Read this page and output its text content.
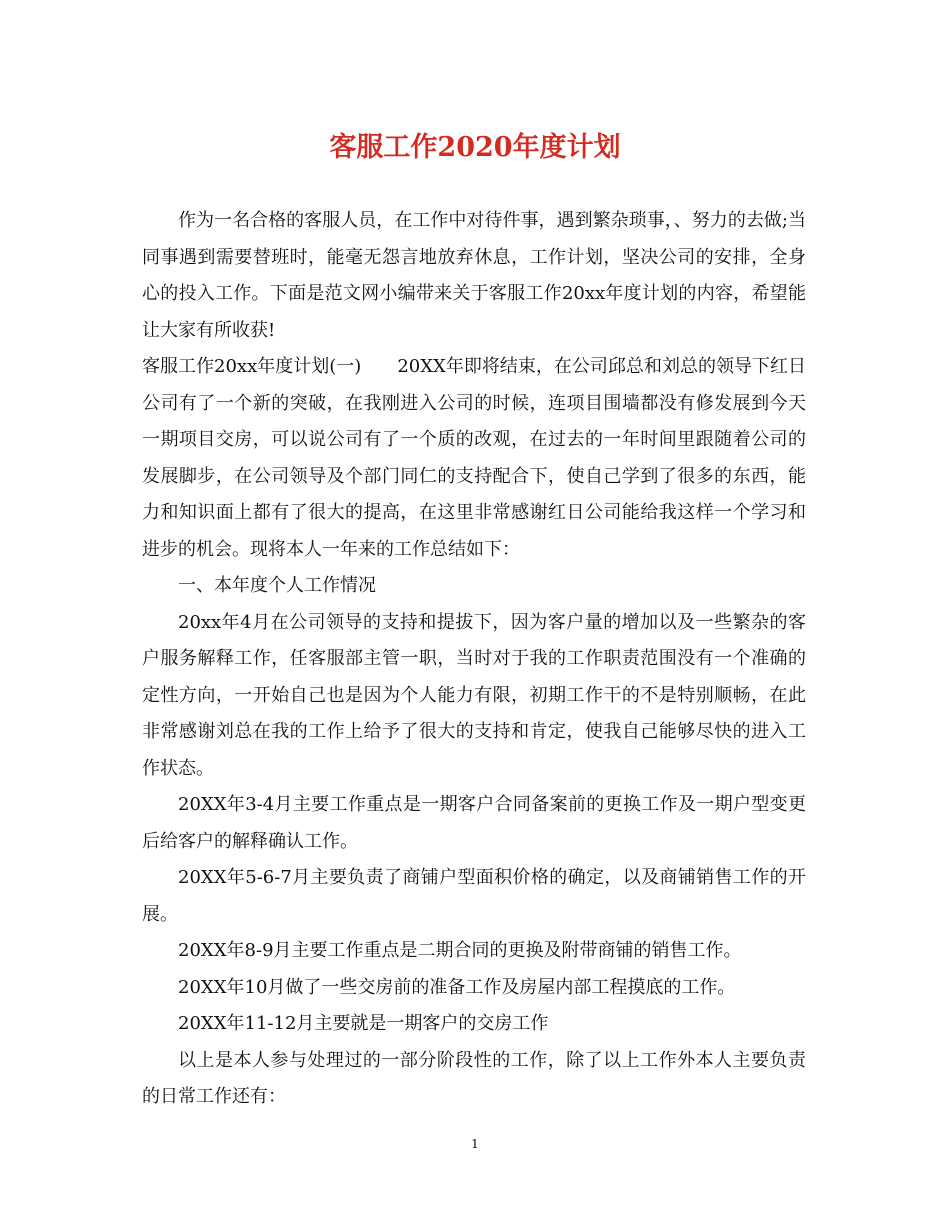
客服工作2020年度计划

作为一名合格的客服人员，在工作中对待件事，遇到繁杂琐事，、努力的去做;当同事遇到需要替班时，能毫无怨言地放弃休息，工作计划，坚决公司的安排，全身心的投入工作。下面是范文网小编带来关于客服工作20xx年度计划的内容，希望能让大家有所收获!

客服工作20xx年度计划(一)　　20XX年即将结束，在公司邱总和刘总的领导下红日公司有了一个新的突破，在我刚进入公司的时候，连项目围墙都没有修发展到今天一期项目交房，可以说公司有了一个质的改观，在过去的一年时间里跟随着公司的发展脚步，在公司领导及个部门同仁的支持配合下，使自己学到了很多的东西，能力和知识面上都有了很大的提高，在这里非常感谢红日公司能给我这样一个学习和进步的机会。现将本人一年来的工作总结如下：

一、本年度个人工作情况

20xx年4月在公司领导的支持和提拔下，因为客户量的增加以及一些繁杂的客户服务解释工作，任客服部主管一职，当时对于我的工作职责范围没有一个准确的定性方向，一开始自己也是因为个人能力有限，初期工作干的不是特别顺畅，在此非常感谢刘总在我的工作上给予了很大的支持和肯定，使我自己能够尽快的进入工作状态。

20XX年3-4月主要工作重点是一期客户合同备案前的更换工作及一期户型变更后给客户的解释确认工作。

20XX年5-6-7月主要负责了商铺户型面积价格的确定，以及商铺销售工作的开展。

20XX年8-9月主要工作重点是二期合同的更换及附带商铺的销售工作。

20XX年10月做了一些交房前的准备工作及房屋内部工程摸底的工作。

20XX年11-12月主要就是一期客户的交房工作

以上是本人参与处理过的一部分阶段性的工作，除了以上工作外本人主要负责的日常工作还有：

1
